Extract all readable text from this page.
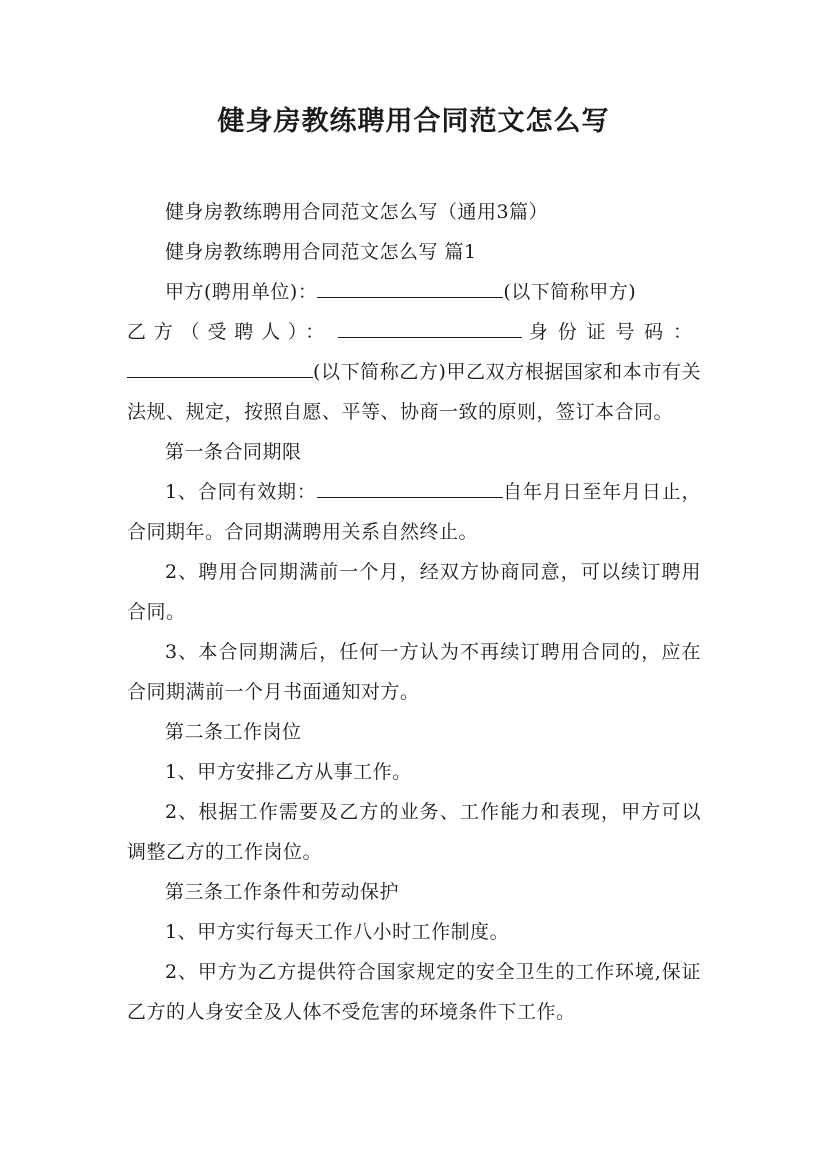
健身房教练聘用合同范文怎么写

健身房教练聘用合同范文怎么写（通用3篇）

健身房教练聘用合同范文怎么写 篇1

甲方(聘用单位)：	(以下简称甲方)

乙方（受聘人）：	身份证号码：(以下简称乙方)甲乙双方根据国家和本市有关法规、规定，按照自愿、平等、协商一致的原则，签订本合同。

第一条合同期限

1、合同有效期：	自年月日至年月日止，合同期年。合同期满聘用关系自然终止。

2、聘用合同期满前一个月，经双方协商同意，可以续订聘用合同。

3、本合同期满后，任何一方认为不再续订聘用合同的，应在合同期满前一个月书面通知对方。

第二条工作岗位

1、甲方安排乙方从事工作。

2、根据工作需要及乙方的业务、工作能力和表现，甲方可以调整乙方的工作岗位。

第三条工作条件和劳动保护

1、甲方实行每天工作八小时工作制度。

2、甲方为乙方提供符合国家规定的安全卫生的工作环境,保证乙方的人身安全及人体不受危害的环境条件下工作。
